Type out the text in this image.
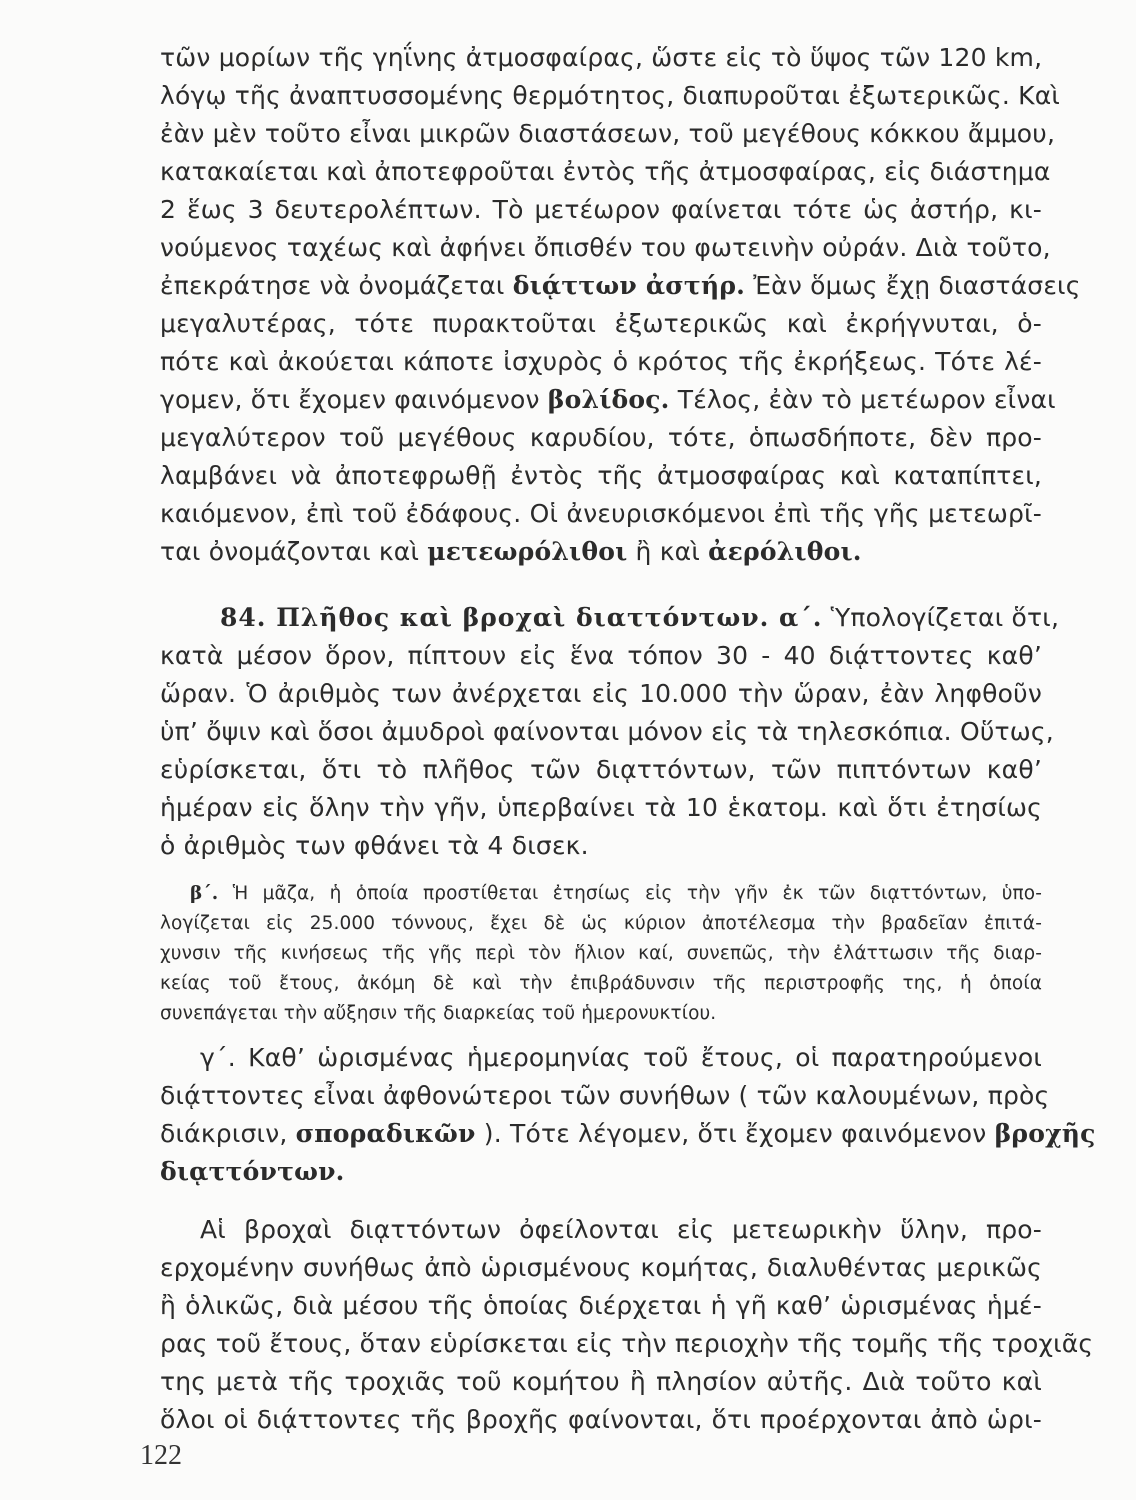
τῶν μορίων τῆς γηΐνης ἀτμοσφαίρας, ὥστε εἰς τὸ ὕψος τῶν 120 km,
λόγῳ τῆς ἀναπτυσσομένης θερμότητος, διαπυροῦται ἐξωτερικῶς. Καὶ
ἐὰν μὲν τοῦτο εἶναι μικρῶν διαστάσεων, τοῦ μεγέθους κόκκου ἄμμου,
κατακαίεται καὶ ἀποτεφροῦται ἐντὸς τῆς ἀτμοσφαίρας, εἰς διάστημα
2 ἕως 3 δευτερολέπτων. Τὸ μετέωρον φαίνεται τότε ὡς ἀστήρ, κι-
νούμενος ταχέως καὶ ἀφήνει ὄπισθέν του φωτεινὴν οὐράν. Διὰ τοῦτο,
ἐπεκράτησε νὰ ὀνομάζεται διᾴττων ἀστήρ. Ἐὰν ὅμως ἔχῃ διαστάσεις
μεγαλυτέρας, τότε πυρακτοῦται ἐξωτερικῶς καὶ ἐκρήγνυται, ὁ-
πότε καὶ ἀκούεται κάποτε ἰσχυρὸς ὁ κρότος τῆς ἐκρήξεως. Τότε λέ-
γομεν, ὅτι ἔχομεν φαινόμενον βολίδος. Τέλος, ἐὰν τὸ μετέωρον εἶναι
μεγαλύτερον τοῦ μεγέθους καρυδίου, τότε, ὁπωσδήποτε, δὲν προ-
λαμβάνει νὰ ἀποτεφρωθῇ ἐντὸς τῆς ἀτμοσφαίρας καὶ καταπίπτει,
καιόμενον, ἐπὶ τοῦ ἐδάφους. Οἱ ἀνευρισκόμενοι ἐπὶ τῆς γῆς μετεωρῖ-
ται ὀνομάζονται καὶ μετεωρόλιθοι ἢ καὶ ἀερόλιθοι.
84. Πλῆθος καὶ βροχαὶ διαττόντων. α΄. Ὑπολογίζεται ὅτι,
κατὰ μέσον ὅρον, πίπτουν εἰς ἕνα τόπον 30 - 40 διᾴττοντες καθ’
ὥραν. Ὁ ἀριθμὸς των ἀνέρχεται εἰς 10.000 τὴν ὥραν, ἐὰν ληφθοῦν
ὑπ’ ὄψιν καὶ ὅσοι ἀμυδροὶ φαίνονται μόνον εἰς τὰ τηλεσκόπια. Οὕτως,
εὑρίσκεται, ὅτι τὸ πλῆθος τῶν διᾳττόντων, τῶν πιπτόντων καθ’
ἡμέραν εἰς ὅλην τὴν γῆν, ὑπερβαίνει τὰ 10 ἑκατομ. καὶ ὅτι ἐτησίως
ὁ ἀριθμὸς των φθάνει τὰ 4 δισεκ.
β΄. Ἡ μᾶζα, ἡ ὁποία προστίθεται ἐτησίως εἰς τὴν γῆν ἐκ τῶν διᾳττόντων, ὑπο-
λογίζεται εἰς 25.000 τόννους, ἔχει δὲ ὡς κύριον ἀποτέλεσμα τὴν βραδεῖαν ἐπιτά-
χυνσιν τῆς κινήσεως τῆς γῆς περὶ τὸν ἥλιον καί, συνεπῶς, τὴν ἐλάττωσιν τῆς διαρ-
κείας τοῦ ἔτους, ἀκόμη δὲ καὶ τὴν ἐπιβράδυνσιν τῆς περιστροφῆς της, ἡ ὁποία
συνεπάγεται τὴν αὔξησιν τῆς διαρκείας τοῦ ἡμερονυκτίου.
γ΄. Καθ’ ὡρισμένας ἡμερομηνίας τοῦ ἔτους, οἱ παρατηρούμενοι
διᾴττοντες εἶναι ἀφθονώτεροι τῶν συνήθων ( τῶν καλουμένων, πρὸς
διάκρισιν, σποραδικῶν ). Τότε λέγομεν, ὅτι ἔχομεν φαινόμενον βροχῆς
διᾳττόντων.
Αἱ βροχαὶ διᾳττόντων ὀφείλονται εἰς μετεωρικὴν ὕλην, προ-
ερχομένην συνήθως ἀπὸ ὡρισμένους κομήτας, διαλυθέντας μερικῶς
ἢ ὁλικῶς, διὰ μέσου τῆς ὁποίας διέρχεται ἡ γῆ καθ’ ὡρισμένας ἡμέ-
ρας τοῦ ἔτους, ὅταν εὑρίσκεται εἰς τὴν περιοχὴν τῆς τομῆς τῆς τροχιᾶς
της μετὰ τῆς τροχιᾶς τοῦ κομήτου ἢ πλησίον αὐτῆς. Διὰ τοῦτο καὶ
ὅλοι οἱ διᾴττοντες τῆς βροχῆς φαίνονται, ὅτι προέρχονται ἀπὸ ὡρι-
122
